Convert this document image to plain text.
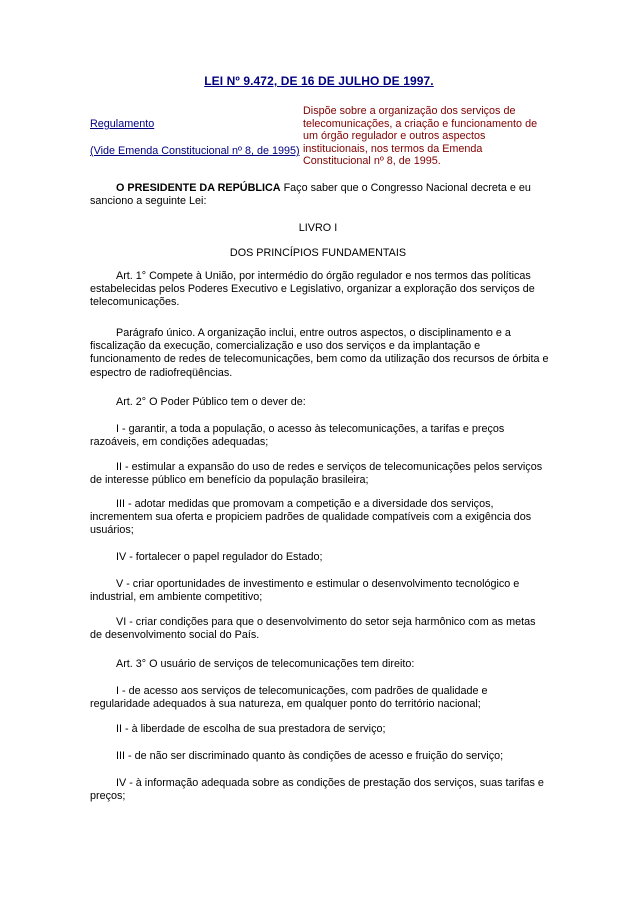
LEI Nº 9.472, DE 16 DE JULHO DE 1997.
Regulamento
(Vide Emenda Constitucional nº 8, de 1995)
Dispõe sobre a organização dos serviços de telecomunicações, a criação e funcionamento de um órgão regulador e outros aspectos institucionais, nos termos da Emenda Constitucional nº 8, de 1995.
O PRESIDENTE DA REPÚBLICA Faço saber que o Congresso Nacional decreta e eu sanciono a seguinte Lei:
LIVRO I
DOS PRINCÍPIOS FUNDAMENTAIS
Art. 1° Compete à União, por intermédio do órgão regulador e nos termos das políticas estabelecidas pelos Poderes Executivo e Legislativo, organizar a exploração dos serviços de telecomunicações.
Parágrafo único. A organização inclui, entre outros aspectos, o disciplinamento e a fiscalização da execução, comercialização e uso dos serviços e da implantação e funcionamento de redes de telecomunicações, bem como da utilização dos recursos de órbita e espectro de radiofreqüências.
Art. 2° O Poder Público tem o dever de:
I - garantir, a toda a população, o acesso às telecomunicações, a tarifas e preços razoáveis, em condições adequadas;
II - estimular a expansão do uso de redes e serviços de telecomunicações pelos serviços de interesse público em benefício da população brasileira;
III - adotar medidas que promovam a competição e a diversidade dos serviços, incrementem sua oferta e propiciem padrões de qualidade compatíveis com a exigência dos usuários;
IV - fortalecer o papel regulador do Estado;
V - criar oportunidades de investimento e estimular o desenvolvimento tecnológico e industrial, em ambiente competitivo;
VI - criar condições para que o desenvolvimento do setor seja harmônico com as metas de desenvolvimento social do País.
Art. 3° O usuário de serviços de telecomunicações tem direito:
I - de acesso aos serviços de telecomunicações, com padrões de qualidade e regularidade adequados à sua natureza, em qualquer ponto do território nacional;
II - à liberdade de escolha de sua prestadora de serviço;
III - de não ser discriminado quanto às condições de acesso e fruição do serviço;
IV - à informação adequada sobre as condições de prestação dos serviços, suas tarifas e preços;
